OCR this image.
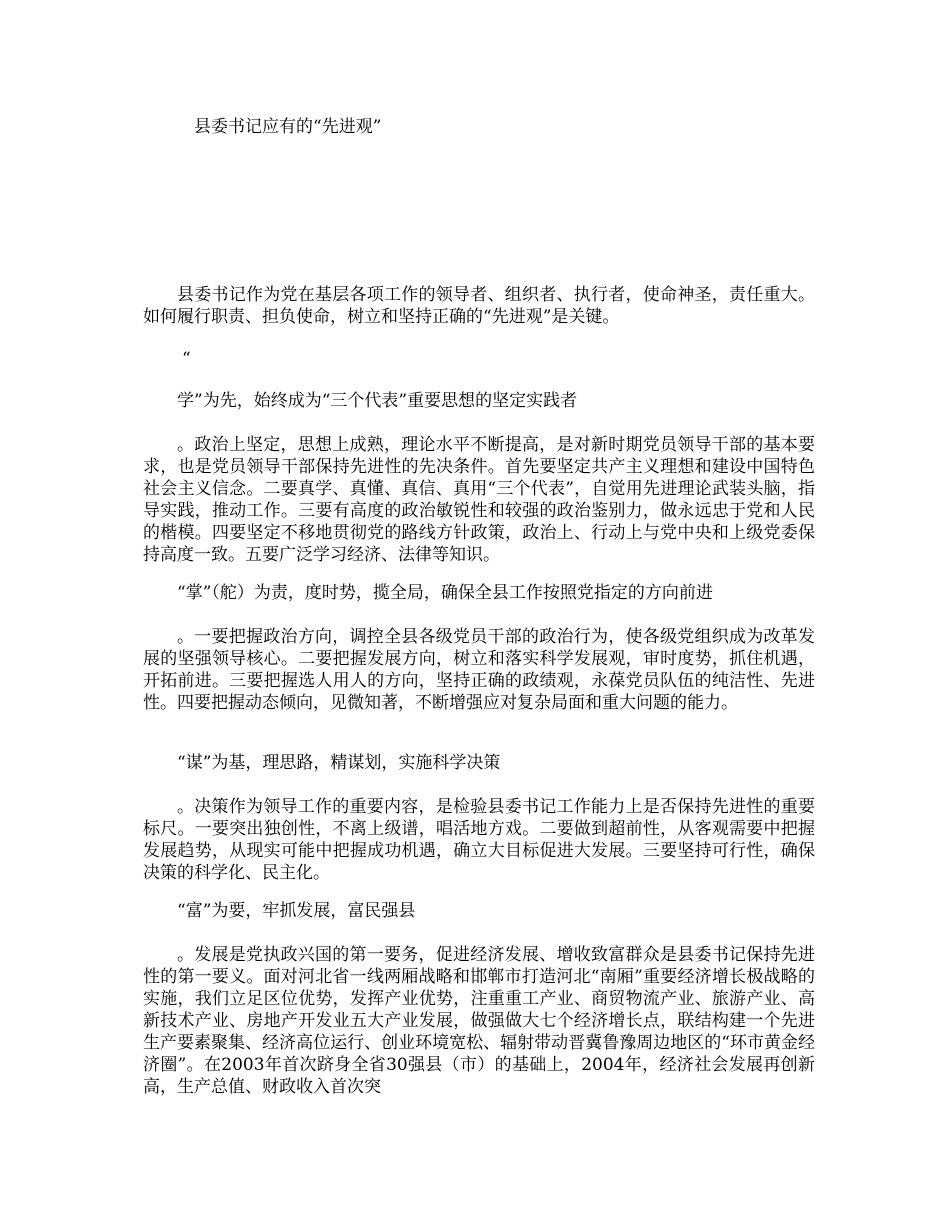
县委书记应有的“先进观”

县委书记作为党在基层各项工作的领导者、组织者、执行者，使命神圣，责任重大。如何履行职责、担负使命，树立和坚持正确的“先进观”是关键。

“

学”为先，始终成为“三个代表”重要思想的坚定实践者

。政治上坚定，思想上成熟，理论水平不断提高，是对新时期党员领导干部的基本要求，也是党员领导干部保持先进性的先决条件。首先要坚定共产主义理想和建设中国特色社会主义信念。二要真学、真懂、真信、真用“三个代表”，自觉用先进理论武装头脑，指导实践，推动工作。三要有高度的政治敏锐性和较强的政治鉴别力，做永远忠于党和人民的楷模。四要坚定不移地贯彻党的路线方针政策，政治上、行动上与党中央和上级党委保持高度一致。五要广泛学习经济、法律等知识。

“掌”（舵）为责，度时势，揽全局，确保全县工作按照党指定的方向前进

。一要把握政治方向，调控全县各级党员干部的政治行为，使各级党组织成为改革发展的坚强领导核心。二要把握发展方向，树立和落实科学发展观，审时度势，抓住机遇，开拓前进。三要把握选人用人的方向，坚持正确的政绩观，永葆党员队伍的纯洁性、先进性。四要把握动态倾向，见微知著，不断增强应对复杂局面和重大问题的能力。

“谋”为基，理思路，精谋划，实施科学决策

。决策作为领导工作的重要内容，是检验县委书记工作能力上是否保持先进性的重要标尺。一要突出独创性，不离上级谱，唱活地方戏。二要做到超前性，从客观需要中把握发展趋势，从现实可能中把握成功机遇，确立大目标促进大发展。三要坚持可行性，确保决策的科学化、民主化。

“富”为要，牢抓发展，富民强县

。发展是党执政兴国的第一要务，促进经济发展、增收致富群众是县委书记保持先进性的第一要义。面对河北省一线两厢战略和邯郸市打造河北“南厢”重要经济增长极战略的实施，我们立足区位优势，发挥产业优势，注重重工产业、商贸物流产业、旅游产业、高新技术产业、房地产开发业五大产业发展，做强做大七个经济增长点，联结构建一个先进生产要素聚集、经济高位运行、创业环境宽松、辐射带动晋冀鲁豫周边地区的“环市黄金经济圈”。在2003年首次跻身全省30强县（市）的基础上，2004年，经济社会发展再创新高，生产总值、财政收入首次突
